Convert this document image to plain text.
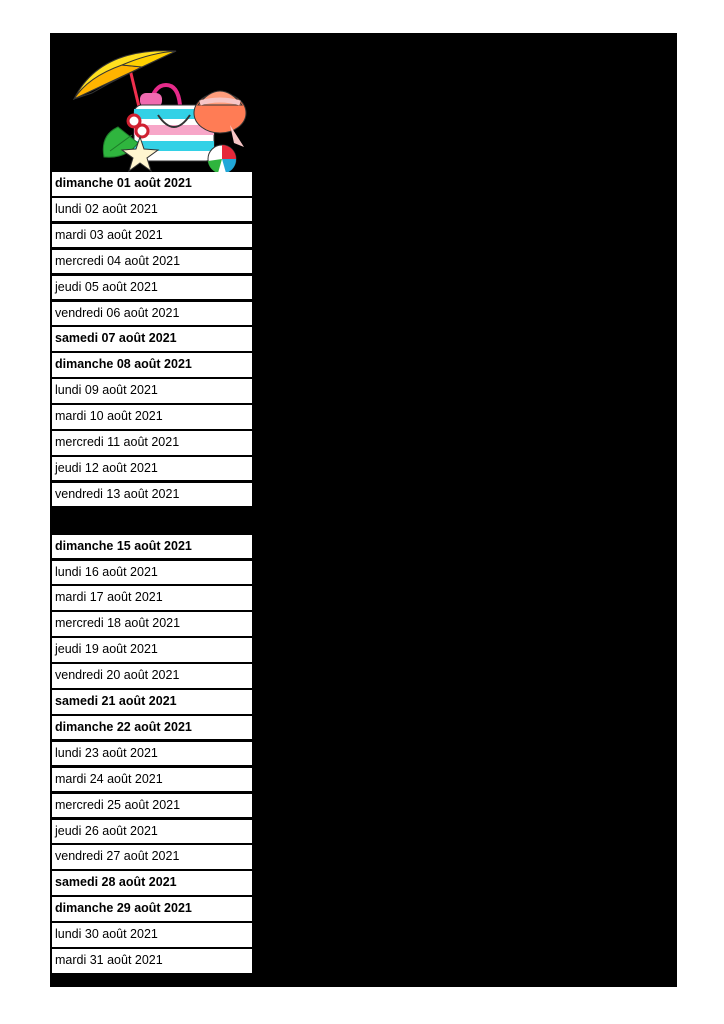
dimanche 01 août 2021
lundi 02 août 2021
mardi 03 août 2021
mercredi 04 août 2021
jeudi 05 août 2021
vendredi 06 août 2021
samedi 07 août 2021
dimanche 08 août 2021
lundi 09 août 2021
mardi 10 août 2021
mercredi 11 août 2021
jeudi 12 août 2021
vendredi 13 août 2021
dimanche 15 août 2021
lundi 16 août 2021
mardi 17 août 2021
mercredi 18 août 2021
jeudi 19 août 2021
vendredi 20 août 2021
samedi 21 août 2021
dimanche 22 août 2021
lundi 23 août 2021
mardi 24 août 2021
mercredi 25 août 2021
jeudi 26 août 2021
vendredi 27 août 2021
samedi 28 août 2021
dimanche 29 août 2021
lundi 30 août 2021
mardi 31 août 2021
